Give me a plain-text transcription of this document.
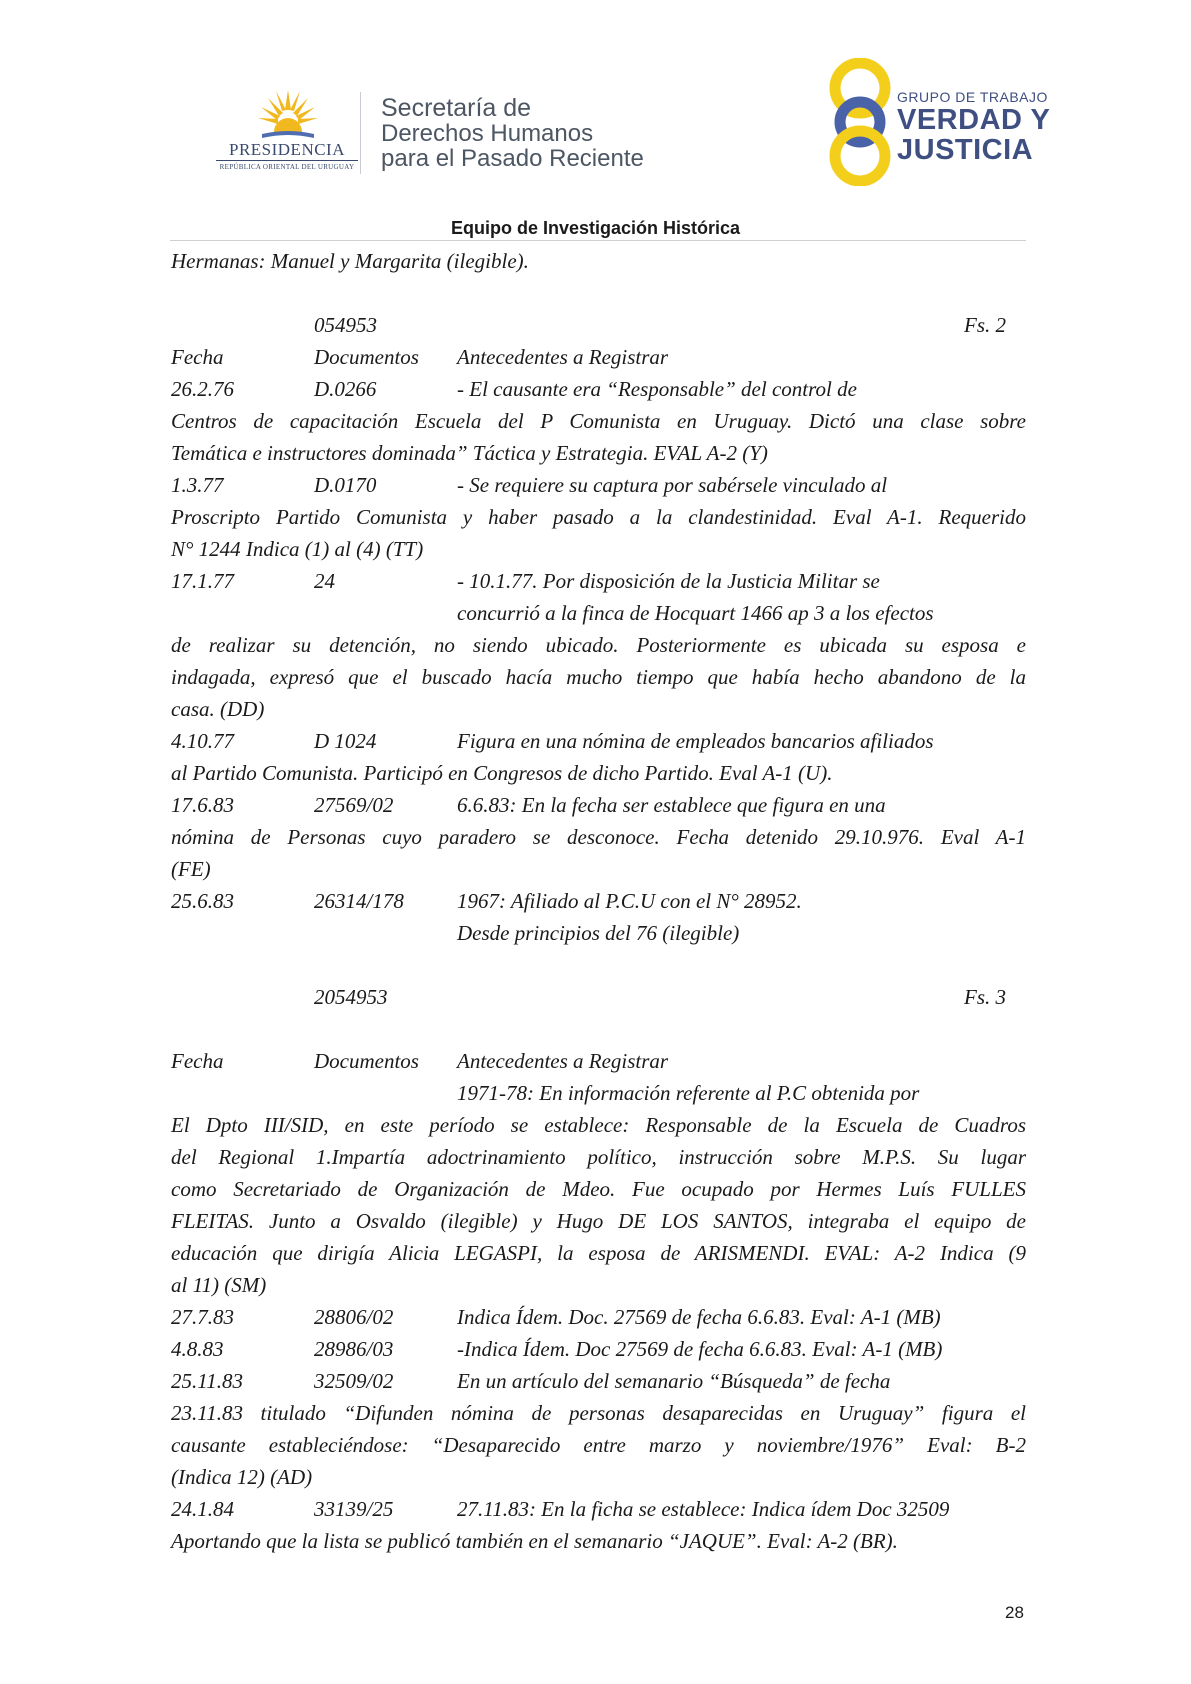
PRESIDENCIA
REPÚBLICA ORIENTAL DEL URUGUAY
Secretaría de
Derechos Humanos
para el Pasado Reciente
GRUPO DE TRABAJO
VERDAD Y
JUSTICIA
Equipo de Investigación Histórica
Hermanas: Manuel y Margarita (ilegible).
054953	Fs. 2
Fecha	Documentos Antecedentes a Registrar
26.2.76	D.0266	- El causante era “Responsable” del control de
Centros de capacitación Escuela del P Comunista en Uruguay. Dictó una clase sobre
Temática e instructores dominada” Táctica y Estrategia. EVAL A-2 (Y)
1.3.77	D.0170	- Se requiere su captura por sabérsele vinculado al
Proscripto Partido Comunista y haber pasado a la clandestinidad. Eval A-1. Requerido
N° 1244 Indica (1) al (4) (TT)
17.1.77	24	- 10.1.77. Por disposición de la Justicia Militar se
concurrió a la finca de Hocquart 1466 ap 3 a los efectos
de realizar su detención, no siendo ubicado. Posteriormente es ubicada su esposa e
indagada, expresó que el buscado hacía mucho tiempo que había hecho abandono de la
casa. (DD)
4.10.77	D 1024	Figura en una nómina de empleados bancarios afiliados
al Partido Comunista. Participó en Congresos de dicho Partido. Eval A-1 (U).
17.6.83	27569/02	6.6.83: En la fecha ser establece que figura en una
nómina de Personas cuyo paradero se desconoce. Fecha detenido 29.10.976. Eval A-1
(FE)
25.6.83	26314/178	1967: Afiliado al P.C.U con el N° 28952.
Desde principios del 76 (ilegible)
2054953	Fs. 3
Fecha	Documentos Antecedentes a Registrar
1971-78: En información referente al P.C obtenida por
El Dpto III/SID, en este período se establece: Responsable de la Escuela de Cuadros
del Regional 1.Impartía adoctrinamiento político, instrucción sobre M.P.S. Su lugar
como Secretariado de Organización de Mdeo. Fue ocupado por Hermes Luís FULLES
FLEITAS. Junto a Osvaldo (ilegible) y Hugo DE LOS SANTOS, integraba el equipo de
educación que dirigía Alicia LEGASPI, la esposa de ARISMENDI. EVAL: A-2 Indica (9
al 11) (SM)
27.7.83	28806/02	Indica Ídem. Doc. 27569 de fecha 6.6.83. Eval: A-1 (MB)
4.8.83	28986/03	-Indica Ídem. Doc 27569 de fecha 6.6.83. Eval: A-1 (MB)
25.11.83	32509/02	En un artículo del semanario “Búsqueda” de fecha
23.11.83 titulado “Difunden nómina de personas desaparecidas en Uruguay” figura el
causante estableciéndose: “Desaparecido entre marzo y noviembre/1976” Eval: B-2
(Indica 12) (AD)
24.1.84	33139/25	27.11.83: En la ficha se establece: Indica ídem Doc 32509
Aportando que la lista se publicó también en el semanario “JAQUE”. Eval: A-2 (BR).
28
